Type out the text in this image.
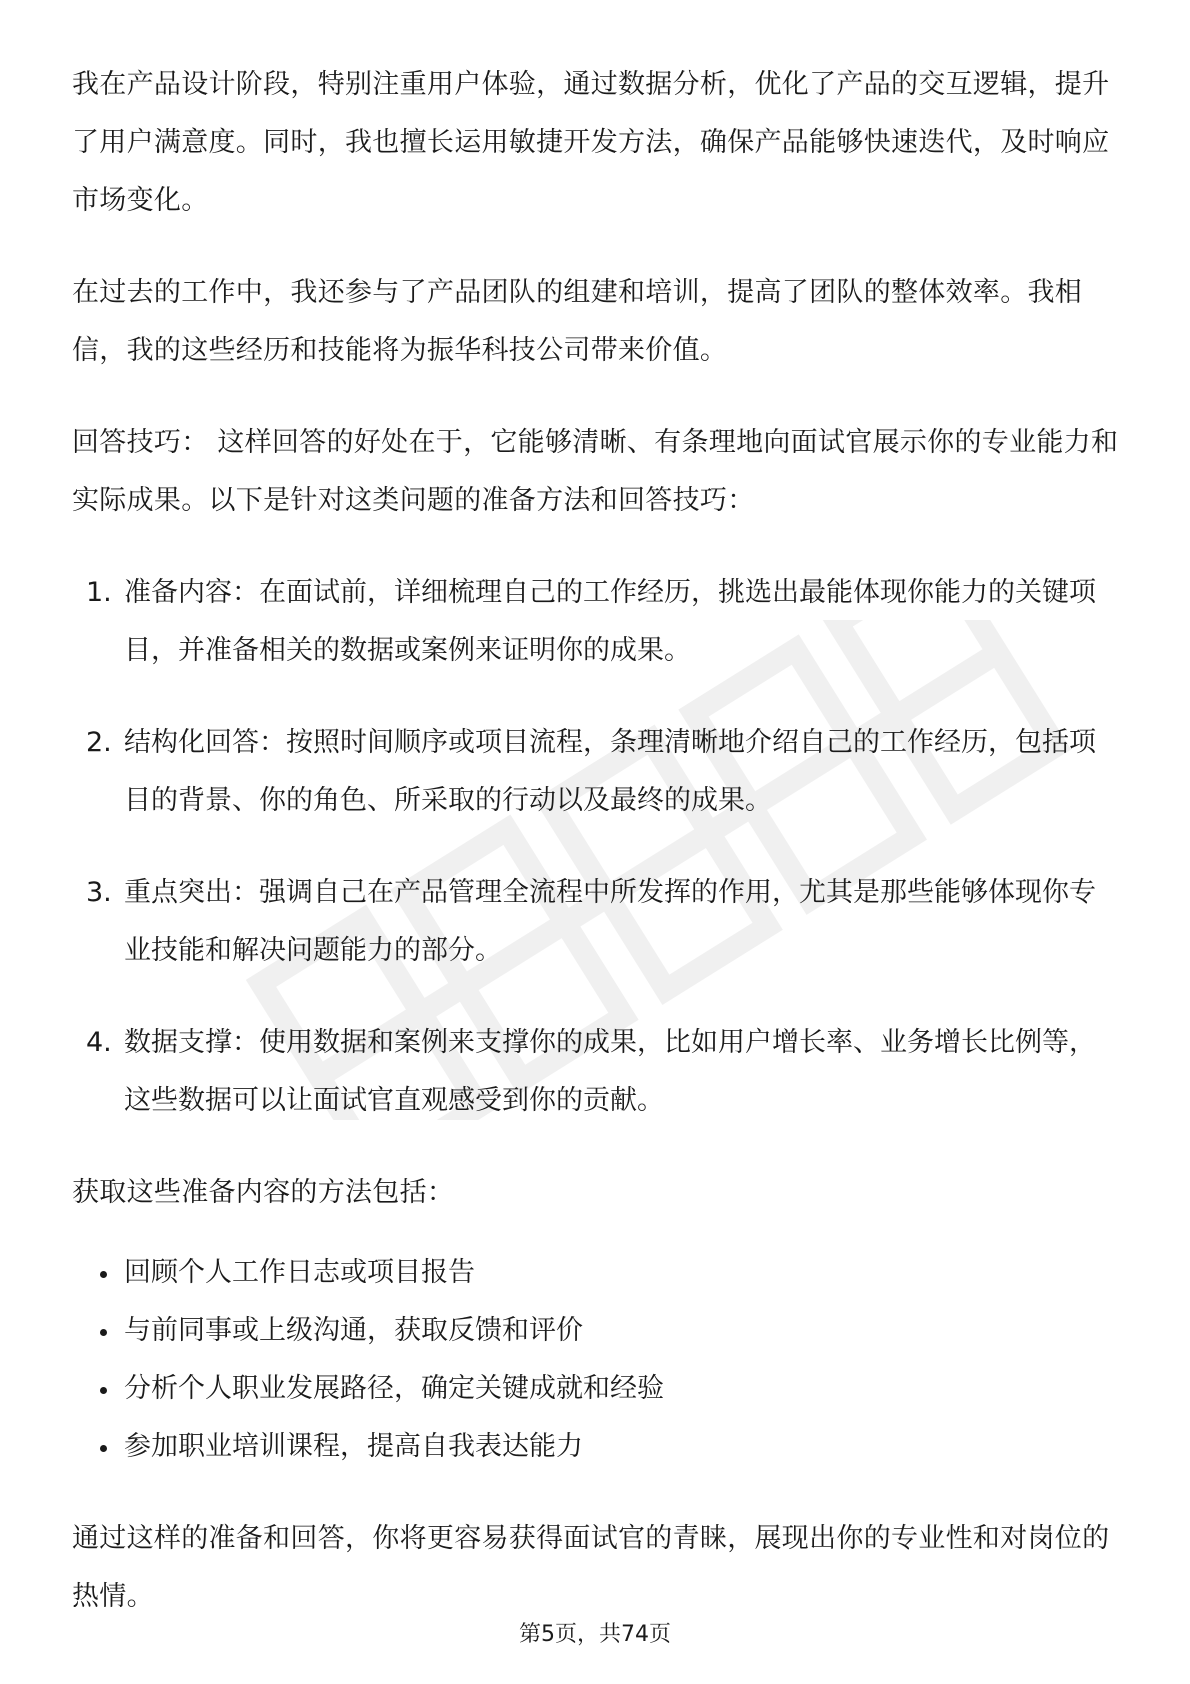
我在产品设计阶段，特别注重用户体验，通过数据分析，优化了产品的交互逻辑，提升了用户满意度。同时，我也擅长运用敏捷开发方法，确保产品能够快速迭代，及时响应市场变化。

在过去的工作中，我还参与了产品团队的组建和培训，提高了团队的整体效率。我相信，我的这些经历和技能将为振华科技公司带来价值。

回答技巧： 这样回答的好处在于，它能够清晰、有条理地向面试官展示你的专业能力和实际成果。以下是针对这类问题的准备方法和回答技巧：

1. 准备内容：在面试前，详细梳理自己的工作经历，挑选出最能体现你能力的关键项目，并准备相关的数据或案例来证明你的成果。
2. 结构化回答：按照时间顺序或项目流程，条理清晰地介绍自己的工作经历，包括项目的背景、你的角色、所采取的行动以及最终的成果。
3. 重点突出：强调自己在产品管理全流程中所发挥的作用，尤其是那些能够体现你专业技能和解决问题能力的部分。
4. 数据支撑：使用数据和案例来支撑你的成果，比如用户增长率、业务增长比例等，这些数据可以让面试官直观感受到你的贡献。

获取这些准备内容的方法包括：

回顾个人工作日志或项目报告
与前同事或上级沟通，获取反馈和评价
分析个人职业发展路径，确定关键成就和经验
参加职业培训课程，提高自我表达能力

通过这样的准备和回答，你将更容易获得面试官的青睐，展现出你的专业性和对岗位的热情。

第5页，共74页
